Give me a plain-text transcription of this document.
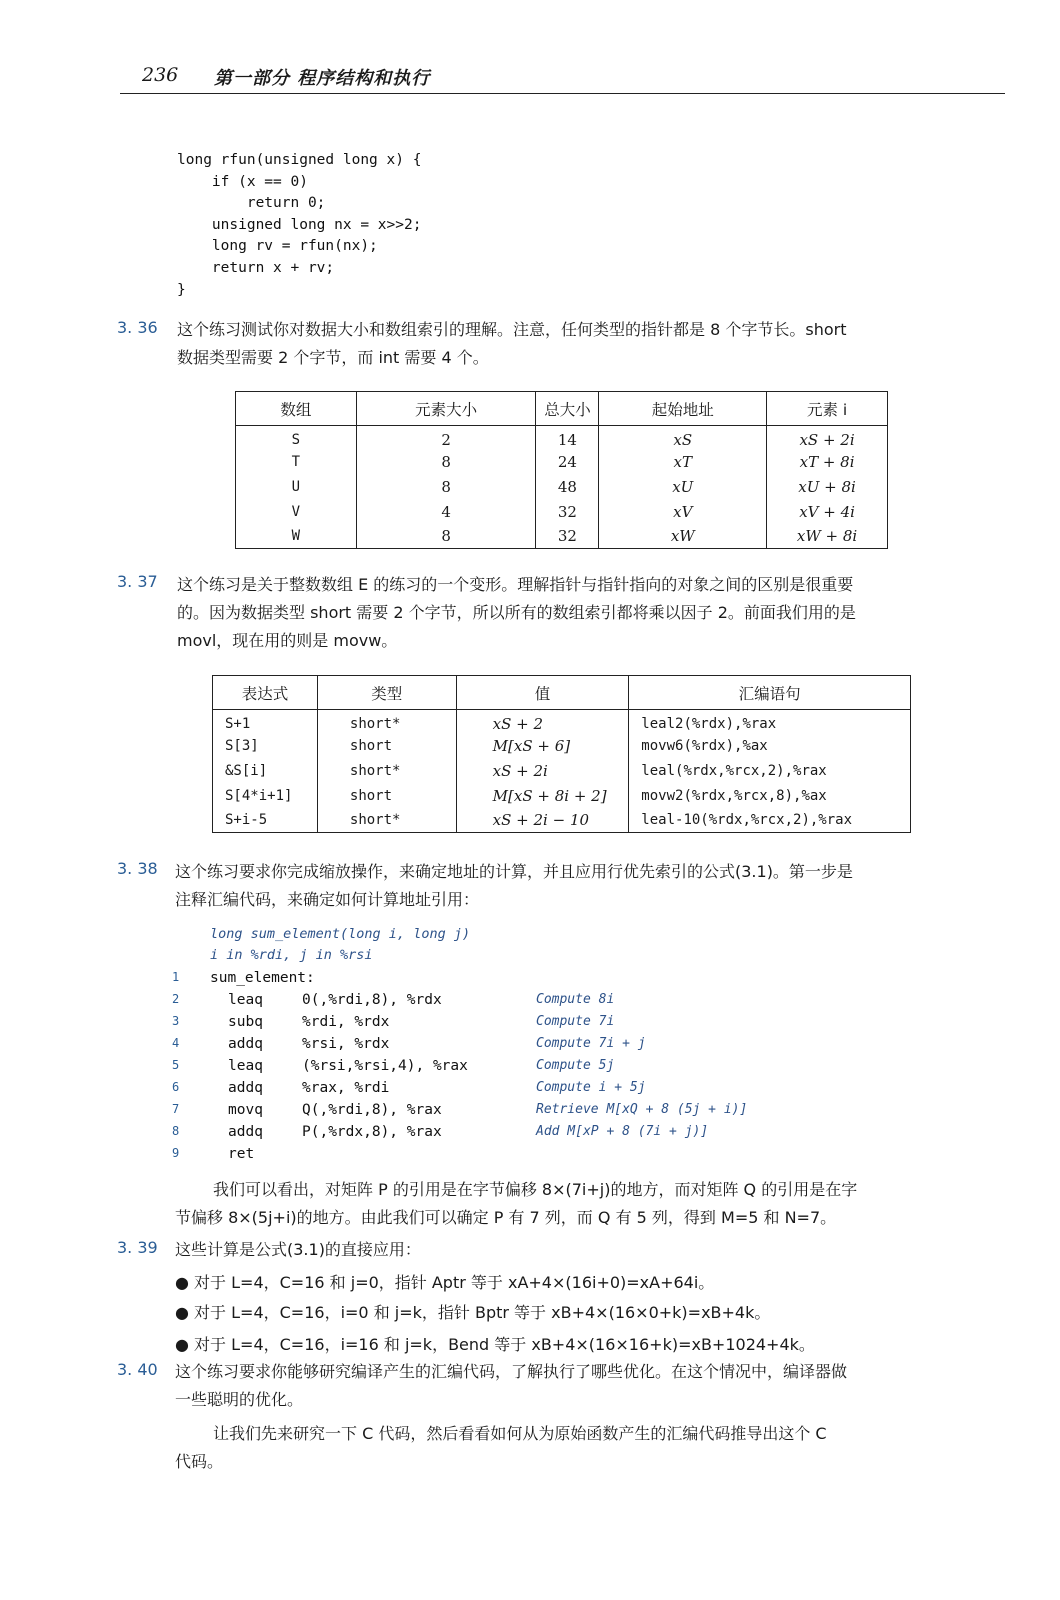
236 第一部分 程序结构和执行
long rfun(unsigned long x) {
if (x == 0)
return 0;
unsigned long nx = x>>2;
long rv = rfun(nx);
return x + rv;
}
3. 36 这个练习测试你对数据大小和数组索引的理解。注意，任何类型的指针都是 8 个字节长。short
数据类型需要 2 个字节，而 int 需要 4 个。
数组	元素大小	总大小	起始地址	元素 i
S	2	14	xS	xS + 2i
T	8	24	xT	xT + 8i
U	8	48	xU	xU + 8i
V	4	32	xV	xV + 4i
W	8	32	xW	xW + 8i
3. 37 这个练习是关于整数数组 E 的练习的一个变形。理解指针与指针指向的对象之间的区别是很重要
的。因为数据类型 short 需要 2 个字节，所以所有的数组索引都将乘以因子 2。前面我们用的是
movl，现在用的则是 movw。
表达式	类型	值	汇编语句
S+1	short*	xS + 2	leal2(%rdx),%rax
S[3]	short	M[xS + 6]	movw6(%rdx),%ax
&S[i]	short*	xS + 2i	leal(%rdx,%rcx,2),%rax
S[4*i+1]	short	M[xS + 8i + 2]	movw2(%rdx,%rcx,8),%ax
S+i-5	short*	xS + 2i − 10	leal-10(%rdx,%rcx,2),%rax
3. 38 这个练习要求你完成缩放操作，来确定地址的计算，并且应用行优先索引的公式(3.1)。第一步是
注释汇编代码，来确定如何计算地址引用：
long sum_element(long i, long j)
i in %rdi, j in %rsi
1	sum_element:
2	leaq	0(,%rdi,8), %rdx	Compute 8i
3	subq	%rdi, %rdx	Compute 7i
4	addq	%rsi, %rdx	Compute 7i + j
5	leaq	(%rsi,%rsi,4), %rax	Compute 5j
6	addq	%rax, %rdi	Compute i + 5j
7	movq	Q(,%rdi,8), %rax	Retrieve M[xQ + 8 (5j + i)]
8	addq	P(,%rdx,8), %rax	Add M[xP + 8 (7i + j)]
9	ret
我们可以看出，对矩阵 P 的引用是在字节偏移 8×(7i+j)的地方，而对矩阵 Q 的引用是在字
节偏移 8×(5j+i)的地方。由此我们可以确定 P 有 7 列，而 Q 有 5 列，得到 M=5 和 N=7。
3. 39 这些计算是公式(3.1)的直接应用：
● 对于 L=4，C=16 和 j=0，指针 Aptr 等于 xA+4×(16i+0)=xA+64i。
● 对于 L=4，C=16，i=0 和 j=k，指针 Bptr 等于 xB+4×(16×0+k)=xB+4k。
● 对于 L=4，C=16，i=16 和 j=k，Bend 等于 xB+4×(16×16+k)=xB+1024+4k。
3. 40 这个练习要求你能够研究编译产生的汇编代码，了解执行了哪些优化。在这个情况中，编译器做
一些聪明的优化。
让我们先来研究一下 C 代码，然后看看如何从为原始函数产生的汇编代码推导出这个 C
代码。
